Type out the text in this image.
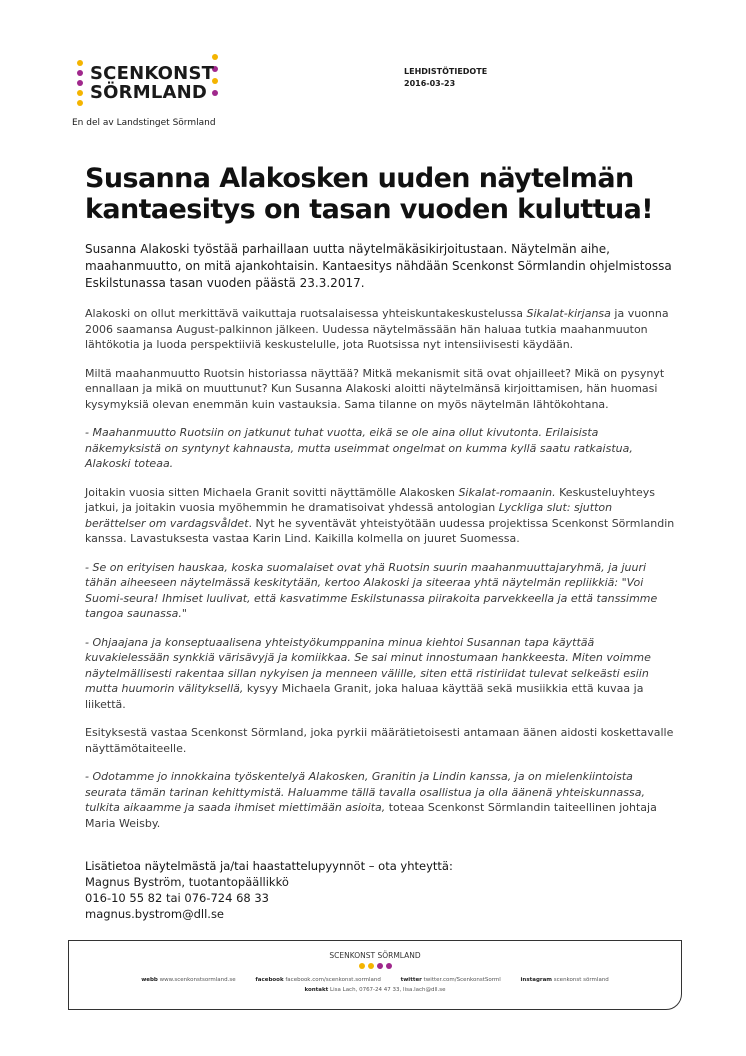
SCENKONST
SÖRMLAND
En del av Landstinget Sörmland
LEHDISTÖTIEDOTE
2016-03-23
Susanna Alakosken uuden näytelmän kantaesitys on tasan vuoden kuluttua!

Susanna Alakoski työstää parhaillaan uutta näytelmäkäsikirjoitustaan. Näytelmän aihe, maahanmuutto, on mitä ajankohtaisin. Kantaesitys nähdään Scenkonst Sörmlandin ohjelmistossa Eskilstunassa tasan vuoden päästä 23.3.2017.

Alakoski on ollut merkittävä vaikuttaja ruotsalaisessa yhteiskuntakeskustelussa Sikalat-kirjansa ja vuonna 2006 saamansa August-palkinnon jälkeen. Uudessa näytelmässään hän haluaa tutkia maahanmuuton lähtökotia ja luoda perspektiiviä keskustelulle, jota Ruotsissa nyt intensiivisesti käydään.

Miltä maahanmuutto Ruotsin historiassa näyttää? Mitkä mekanismit sitä ovat ohjailleet? Mikä on pysynyt ennallaan ja mikä on muuttunut? Kun Susanna Alakoski aloitti näytelmänsä kirjoittamisen, hän huomasi kysymyksiä olevan enemmän kuin vastauksia. Sama tilanne on myös näytelmän lähtökohtana.

- Maahanmuutto Ruotsiin on jatkunut tuhat vuotta, eikä se ole aina ollut kivutonta. Erilaisista näkemyksistä on syntynyt kahnausta, mutta useimmat ongelmat on kumma kyllä saatu ratkaistua, Alakoski toteaa.

Joitakin vuosia sitten Michaela Granit sovitti näyttämölle Alakosken Sikalat-romaanin. Keskusteluyhteys jatkui, ja joitakin vuosia myöhemmin he dramatisoivat yhdessä antologian Lyckliga slut: sjutton berättelser om vardagsvåldet. Nyt he syventävät yhteistyötään uudessa projektissa Scenkonst Sörmlandin kanssa. Lavastuksesta vastaa Karin Lind. Kaikilla kolmella on juuret Suomessa.

- Se on erityisen hauskaa, koska suomalaiset ovat yhä Ruotsin suurin maahanmuuttajaryhmä, ja juuri tähän aiheeseen näytelmässä keskitytään, kertoo Alakoski ja siteeraa yhtä näytelmän repliikkiä: "Voi Suomi-seura! Ihmiset luulivat, että kasvatimme Eskilstunassa piirakoita parvekkeella ja että tanssimme tangoa saunassa."

- Ohjaajana ja konseptuaalisena yhteistyökumppanina minua kiehtoi Susannan tapa käyttää kuvakielessään synkkiä värisävyjä ja komiikkaa. Se sai minut innostumaan hankkeesta. Miten voimme näytelmällisesti rakentaa sillan nykyisen ja menneen välille, siten että ristiriidat tulevat selkeästi esiin mutta huumorin välityksellä, kysyy Michaela Granit, joka haluaa käyttää sekä musiikkia että kuvaa ja liikettä.

Esityksestä vastaa Scenkonst Sörmland, joka pyrkii määrätietoisesti antamaan äänen aidosti koskettavalle näyttämötaiteelle.

- Odotamme jo innokkaina työskentelyä Alakosken, Granitin ja Lindin kanssa, ja on mielenkiintoista seurata tämän tarinan kehittymistä. Haluamme tällä tavalla osallistua ja olla äänenä yhteiskunnassa, tulkita aikaamme ja saada ihmiset miettimään asioita, toteaa Scenkonst Sörmlandin taiteellinen johtaja Maria Weisby.

Lisätietoa näytelmästä ja/tai haastattelupyynnöt – ota yhteyttä:
Magnus Byström, tuotantopäällikkö
016-10 55 82 tai 076-724 68 33
magnus.bystrom@dll.se
SCENKONST SÖRMLAND
webb www.scenkonstsormland.se	facebook facebook.com/scenkonst.sormland	twitter twitter.com/ScenkonstSorml	instagram scenkonst sörmland
kontakt Lisa Lach, 0767-24 47 33, lisa.lach@dll.se
